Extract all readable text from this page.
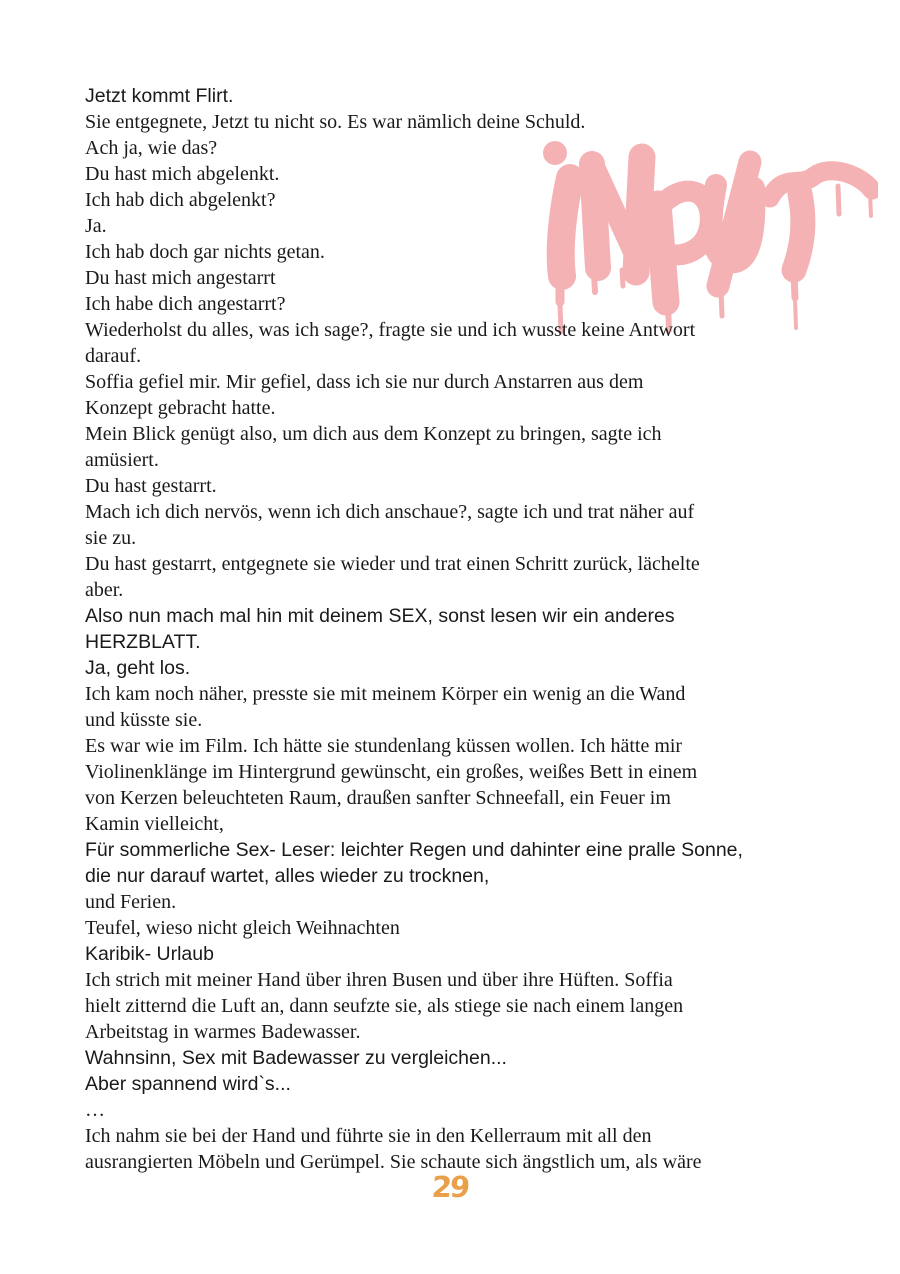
Jetzt kommt Flirt.
Sie entgegnete, Jetzt tu nicht so. Es war nämlich deine Schuld.
Ach ja, wie das?
Du hast mich abgelenkt.
Ich hab dich abgelenkt?
Ja.
Ich hab doch gar nichts getan.
Du hast mich angestarrt
Ich habe dich angestarrt?
Wiederholst du alles, was ich sage?, fragte sie und ich wusste keine Antwort
darauf.
Soffia gefiel mir. Mir gefiel, dass ich sie nur durch Anstarren aus dem
Konzept gebracht hatte.
Mein Blick genügt also, um dich aus dem Konzept zu bringen, sagte ich
amüsiert.
Du hast gestarrt.
Mach ich dich nervös, wenn ich dich anschaue?, sagte ich und trat näher auf
sie zu.
Du hast gestarrt, entgegnete sie wieder und trat einen Schritt zurück, lächelte
aber.
Also nun mach mal hin mit deinem SEX, sonst lesen wir ein anderes
HERZBLATT.
Ja, geht los.
Ich kam noch näher, presste sie mit meinem Körper ein wenig an die Wand
und küsste sie.
Es war wie im Film. Ich hätte sie stundenlang küssen wollen. Ich hätte mir
Violinenklänge im Hintergrund gewünscht, ein großes, weißes Bett in einem
von Kerzen beleuchteten Raum, draußen sanfter Schneefall, ein Feuer im
Kamin vielleicht,
Für sommerliche Sex- Leser: leichter Regen und dahinter eine pralle Sonne,
die nur darauf wartet, alles wieder zu trocknen,
und Ferien.
Teufel, wieso nicht gleich Weihnachten
Karibik- Urlaub
Ich strich mit meiner Hand über ihren Busen und über ihre Hüften. Soffia
hielt zitternd die Luft an, dann seufzte sie, als stiege sie nach einem langen
Arbeitstag in warmes Badewasser.
Wahnsinn, Sex mit Badewasser zu vergleichen...
Aber spannend wird`s...
…
Ich nahm sie bei der Hand und führte sie in den Kellerraum mit all den
ausrangierten Möbeln und Gerümpel. Sie schaute sich ängstlich um, als wäre
29
